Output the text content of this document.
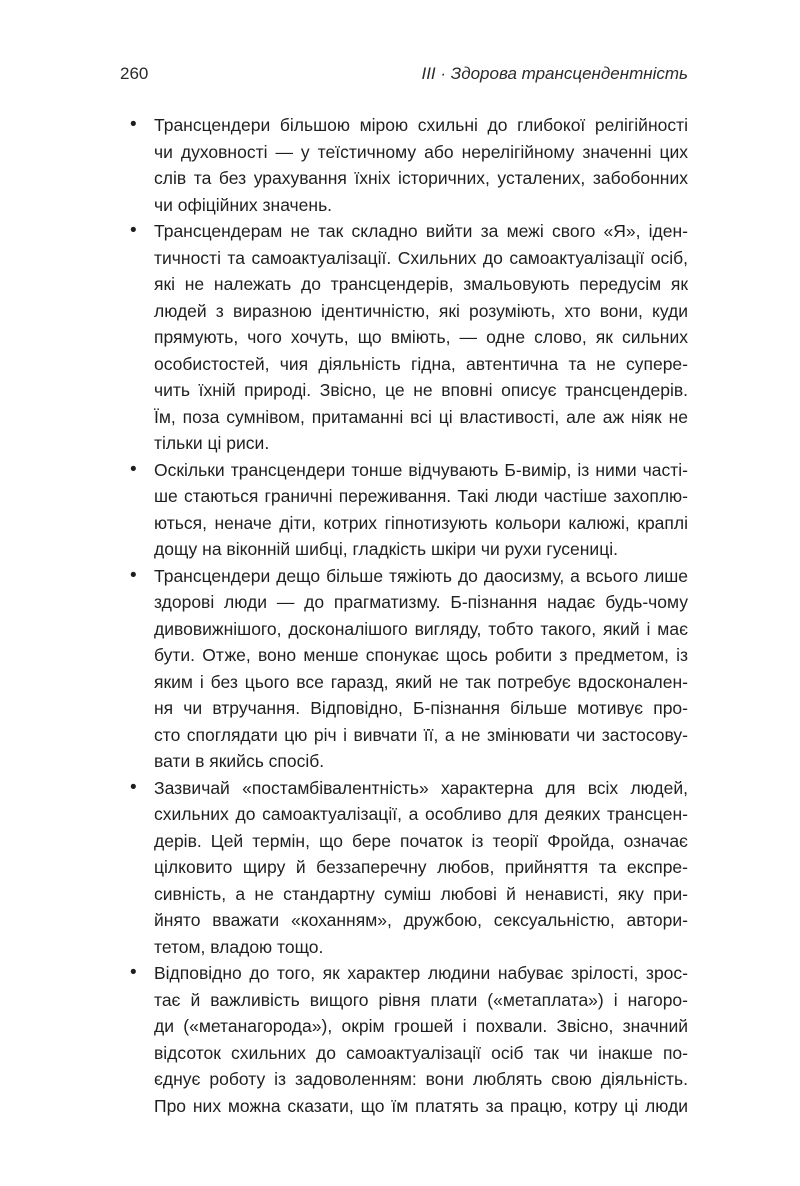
260	III · Здорова трансцендентність
• Трансцендери більшою мірою схильні до глибокої релігійності
чи духовності — у теїстичному або нерелігійному значенні цих
слів та без урахування їхніх історичних, усталених, забобонних
чи офіційних значень.
• Трансцендерам не так складно вийти за межі свого «Я», іден-
тичності та самоактуалізації. Схильних до самоактуалізації осіб,
які не належать до трансцендерів, змальовують передусім як
людей з виразною ідентичністю, які розуміють, хто вони, куди
прямують, чого хочуть, що вміють, — одне слово, як сильних
особистостей, чия діяльність гідна, автентична та не супере-
чить їхній природі. Звісно, це не вповні описує трансцендерів.
Їм, поза сумнівом, притаманні всі ці властивості, але аж ніяк не
тільки ці риси.
• Оскільки трансцендери тонше відчувають Б-вимір, із ними часті-
ше стаються граничні переживання. Такі люди частіше захоплю-
ються, неначе діти, котрих гіпнотизують кольори калюжі, краплі
дощу на віконній шибці, гладкість шкіри чи рухи гусениці.
• Трансцендери дещо більше тяжіють до даосизму, а всього лише
здорові люди — до прагматизму. Б-пізнання надає будь-чому
дивовижнішого, досконалішого вигляду, тобто такого, який і має
бути. Отже, воно менше спонукає щось робити з предметом, із
яким і без цього все гаразд, який не так потребує вдосконален-
ня чи втручання. Відповідно, Б-пізнання більше мотивує про-
сто споглядати цю річ і вивчати її, а не змінювати чи застосову-
вати в якийсь спосіб.
• Зазвичай «постамбівалентність» характерна для всіх людей,
схильних до самоактуалізації, а особливо для деяких трансцен-
дерів. Цей термін, що бере початок із теорії Фройда, означає
цілковито щиру й беззаперечну любов, прийняття та експре-
сивність, а не стандартну суміш любові й ненависті, яку при-
йнято вважати «коханням», дружбою, сексуальністю, автори-
тетом, владою тощо.
• Відповідно до того, як характер людини набуває зрілості, зрос-
тає й важливість вищого рівня плати («метаплата») і нагоро-
ди («метанагорода»), окрім грошей і похвали. Звісно, значний
відсоток схильних до самоактуалізації осіб так чи інакше по-
єднує роботу із задоволенням: вони люблять свою діяльність.
Про них можна сказати, що їм платять за працю, котру ці люди
